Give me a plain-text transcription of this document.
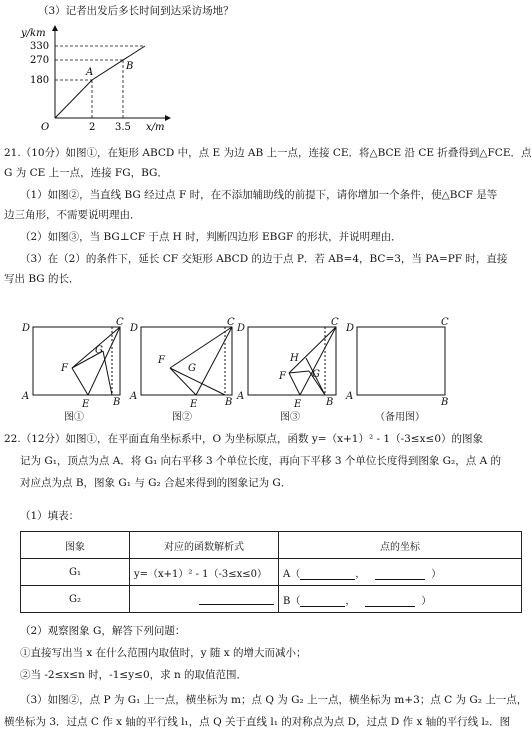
（3）记者出发后多长时间到达采访场地？
y/km
330
270
180
O	2 3.5 x/m
A
B
21.（10分）如图①，在矩形 ABCD 中，点 E 为边 AB 上一点，连接 CE．将△BCE 沿 CE 折叠得到△FCE．点
G 为 CE 上一点，连接 FG，BG．
（1）如图②，当直线 BG 经过点 F 时，在不添加辅助线的前提下，请你增加一个条件，使△BCF 是等
边三角形，不需要说明理由．
（2）如图③，当 BG⊥CF 于点 H 时，判断四边形 EBGF 的形状，并说明理由．
（3）在（2）的条件下，延长 CF 交矩形 ABCD 的边于点 P．若 AB=4，BC=3，当 PA=PF 时，直接
写出 BG 的长．
D
C
A
B
E
F
G
D
C
A
B
E
F
G
D
C
A
B
E
F
H
G
D
C
A
B
图①	图②	图③	（备用图）
22.（12分）如图①，在平面直角坐标系中，O 为坐标原点，函数 y=（x+1）² - 1（-3≤x≤0）的图象
记为 G₁，顶点为点 A．将 G₁ 向右平移 3 个单位长度，再向下平移 3 个单位长度得到图象 G₂，点 A 的
对应点为点 B，图象 G₁ 与 G₂ 合起来得到的图象记为 G．
（1）填表：
图象	对应的函数解析式	点的坐标
G₁	y=（x+1）² - 1（-3≤x≤0）	A（ ， ）
G₂		B（ ， ）
（2）观察图象 G，解答下列问题：
①直接写出当 x 在什么范围内取值时，y 随 x 的增大而减小；
②当 -2≤x≤n 时，-1≤y≤0，求 n 的取值范围．
（3）如图②，点 P 为 G₁ 上一点，横坐标为 m；点 Q 为 G₂ 上一点，横坐标为 m+3；点 C 为 G₂ 上一点，
横坐标为 3．过点 C 作 x 轴的平行线 l₁，点 Q 关于直线 l₁ 的对称点为点 D，过点 D 作 x 轴的平行线 l₂．图
